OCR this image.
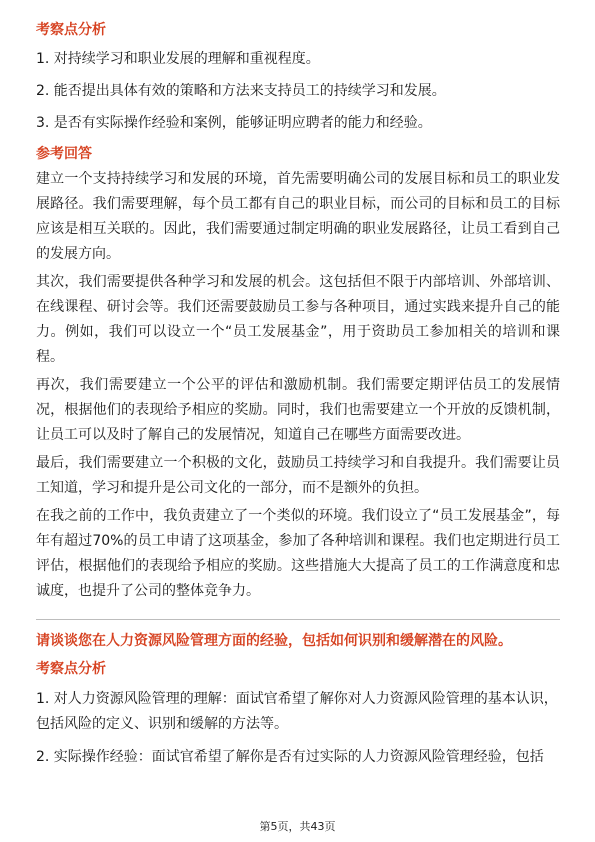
考察点分析
1. 对持续学习和职业发展的理解和重视程度。
2. 能否提出具体有效的策略和方法来支持员工的持续学习和发展。
3. 是否有实际操作经验和案例，能够证明应聘者的能力和经验。
参考回答

建立一个支持持续学习和发展的环境，首先需要明确公司的发展目标和员工的职业发展路径。我们需要理解，每个员工都有自己的职业目标，而公司的目标和员工的目标应该是相互关联的。因此，我们需要通过制定明确的职业发展路径，让员工看到自己的发展方向。

其次，我们需要提供各种学习和发展的机会。这包括但不限于内部培训、外部培训、在线课程、研讨会等。我们还需要鼓励员工参与各种项目，通过实践来提升自己的能力。例如，我们可以设立一个“员工发展基金”，用于资助员工参加相关的培训和课程。

再次，我们需要建立一个公平的评估和激励机制。我们需要定期评估员工的发展情况，根据他们的表现给予相应的奖励。同时，我们也需要建立一个开放的反馈机制，让员工可以及时了解自己的发展情况，知道自己在哪些方面需要改进。

最后，我们需要建立一个积极的文化，鼓励员工持续学习和自我提升。我们需要让员工知道，学习和提升是公司文化的一部分，而不是额外的负担。

在我之前的工作中，我负责建立了一个类似的环境。我们设立了“员工发展基金”，每年有超过70%的员工申请了这项基金，参加了各种培训和课程。我们也定期进行员工评估，根据他们的表现给予相应的奖励。这些措施大大提高了员工的工作满意度和忠诚度，也提升了公司的整体竞争力。

请谈谈您在人力资源风险管理方面的经验，包括如何识别和缓解潜在的风险。
考察点分析
1. 对人力资源风险管理的理解：面试官希望了解你对人力资源风险管理的基本认识，包括风险的定义、识别和缓解的方法等。
2. 实际操作经验：面试官希望了解你是否有过实际的人力资源风险管理经验，包括
第5页，共43页
